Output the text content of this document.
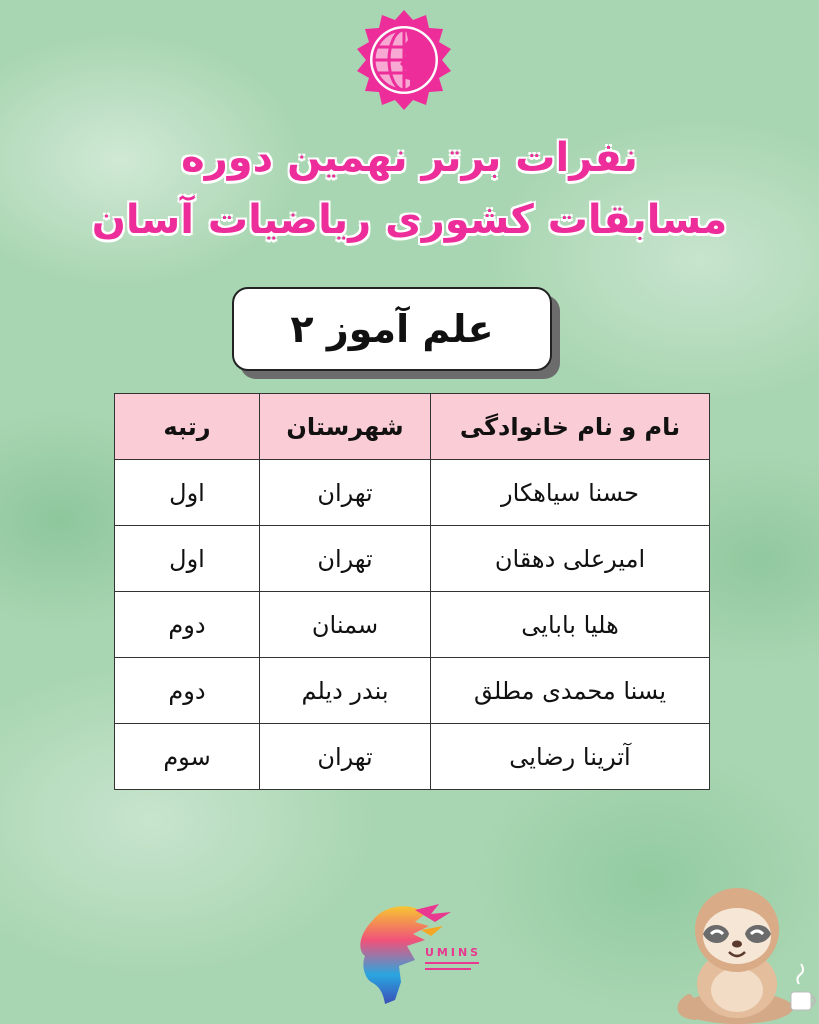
نفرات برتر نهمین دوره
مسابقات کشوری ریاضیات آسان
علم آموز ۲
نام و نام خانوادگی	شهرستان	رتبه
حسنا سیاهکار	تهران	اول
امیرعلی دهقان	تهران	اول
هلیا بابایی	سمنان	دوم
یسنا محمدی مطلق	بندر دیلم	دوم
آترینا رضایی	تهران	سوم
UMINS
